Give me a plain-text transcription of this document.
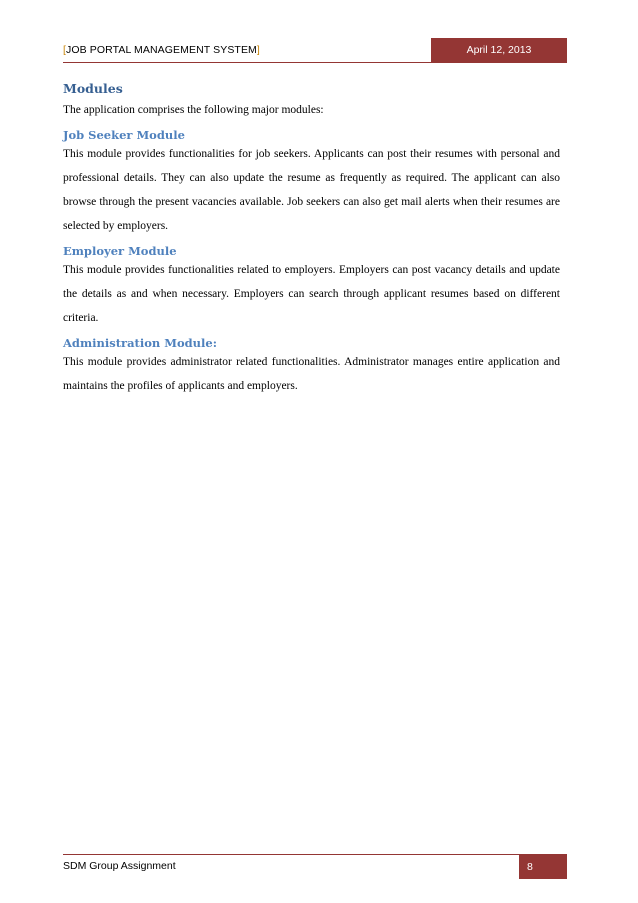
[JOB PORTAL MANAGEMENT SYSTEM]	April 12, 2013
Modules

The application comprises the following major modules:

Job Seeker Module

This module provides functionalities for job seekers. Applicants can post their resumes with personal and professional details. They can also update the resume as frequently as required. The applicant can also browse through the present vacancies available. Job seekers can also get mail alerts when their resumes are selected by employers.

Employer Module

This module provides functionalities related to employers. Employers can post vacancy details and update the details as and when necessary. Employers can search through applicant resumes based on different criteria.

Administration Module:

This module provides administrator related functionalities. Administrator manages entire application and maintains the profiles of applicants and employers.

SDM Group Assignment	8
